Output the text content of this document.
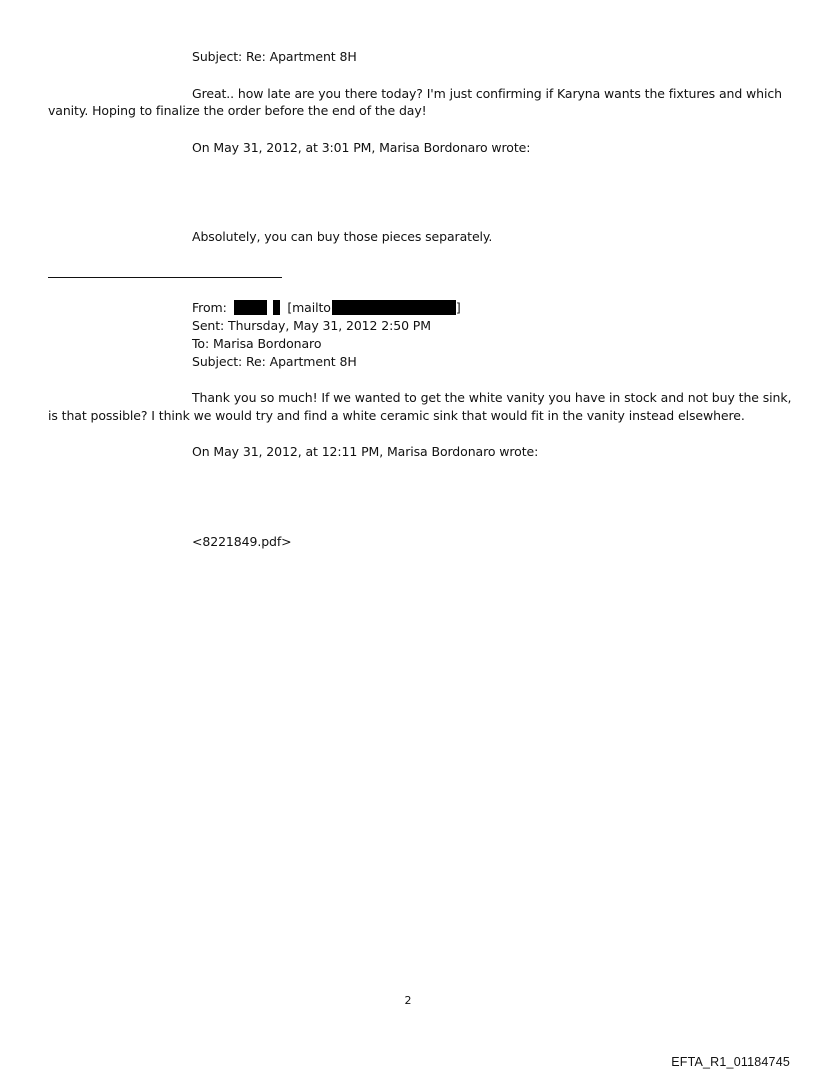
Subject: Re: Apartment 8H
Great.. how late are you there today? I'm just confirming if Karyna wants the fixtures and which
vanity. Hoping to finalize the order before the end of the day!
On May 31, 2012, at 3:01 PM, Marisa Bordonaro wrote:
Absolutely, you can buy those pieces separately.
From:	[mailto	]
Sent: Thursday, May 31, 2012 2:50 PM
To: Marisa Bordonaro
Subject: Re: Apartment 8H
Thank you so much! If we wanted to get the white vanity you have in stock and not buy the sink,
is that possible? I think we would try and find a white ceramic sink that would fit in the vanity instead elsewhere.
On May 31, 2012, at 12:11 PM, Marisa Bordonaro wrote:
<8221849.pdf>
2
EFTA_R1_01184745
